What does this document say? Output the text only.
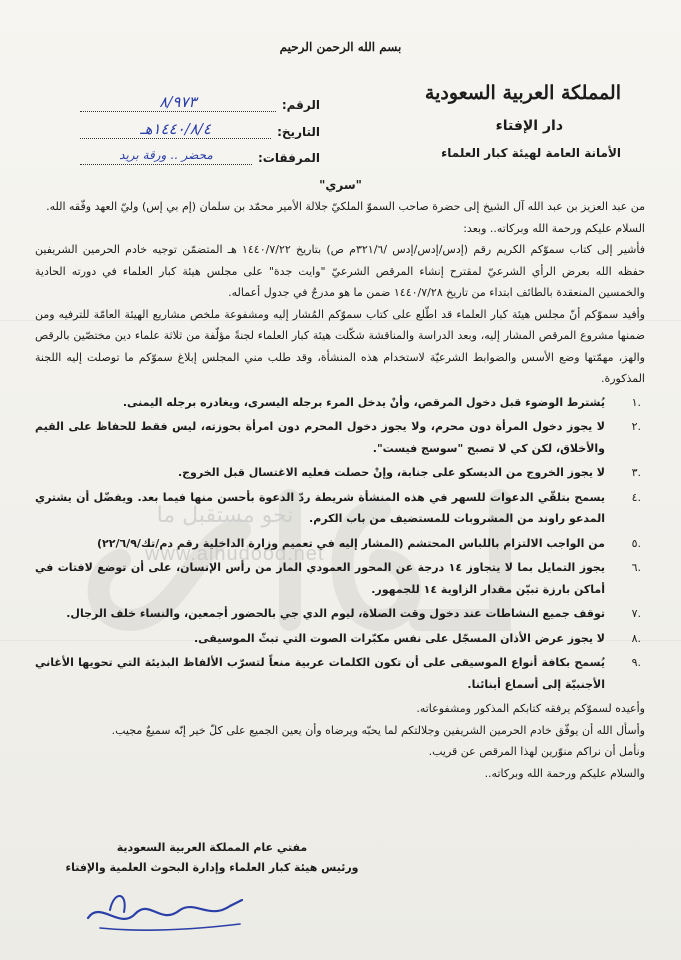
نحو مستقبل ما
www.alhudood.net
بسم الله الرحمن الرحيم
المملكة العربية السعودية
دار الإفتاء
الأمانة العامة لهيئة كبار العلماء
الرقم:
٨/٩٧٣
التاريخ:
١٤٤٠/٨/٤هـ
المرفقات:
محضر .. ورقة بريد
"سري"

من عبد العزيز بن عبد الله آل الشيخ إلى حضرة صاحب السموّ الملكيّ جلالة الأمير محمّد بن سلمان (إم بي إس) وليّ العهد وفّقه الله.

السلام عليكم ورحمة الله وبركاته.. وبعد:

فأشير إلى كتاب سموّكم الكريم رقم (إدس/إدس/إدس /٣٢١/٦م ص) بتاريخ ١٤٤٠/٧/٢٢ هـ المتضمّن توجيه خادم الحرمين الشريفين حفظه الله بعرض الرأي الشرعيّ لمقترح إنشاء المرقص الشرعيّ "وايت جدة" على مجلس هيئة كبار العلماء في دورته الحادية والخمسين المنعقدة بالطائف ابتداء من تاريخ ١٤٤٠/٧/٢٨ ضمن ما هو مدرجٌ في جدول أعماله.

وأفيد سموّكم أنّ مجلس هيئة كبار العلماء قد اطّلع على كتاب سموّكم المُشار إليه ومشفوعة ملخص مشاريع الهيئة العامّة للترفيه ومن ضمنها مشروع المرقص المشار إليه، وبعد الدراسة والمناقشة شكّلت هيئة كبار العلماء لجنةً مؤلّفة من ثلاثة علماء دين مختصّين بالرقص والهز، مهمّتها وضع الأسس والضوابط الشرعيّة لاستخدام هذه المنشأة، وقد طلب مني المجلس إبلاغ سموّكم ما توصلت إليه اللجنة المذكورة.

.١
يُشترط الوضوء قبل دخول المرقص، وأنْ يدخل المرء برجله اليسرى، ويغادره برجله اليمنى.
.٢
لا يجوز دخول المرأة دون محرم، ولا يجوز دخول المحرم دون امرأة بحوزته، ليس فقط للحفاظ على القيم والأخلاق، لكن كي لا تصبح "سوسج فيست".
.٣
لا يجوز الخروج من الديسكو على جنابة، وإنْ حصلت فعليه الاغتسال قبل الخروج.
.٤
يسمح بتلقّي الدعوات للسهر في هذه المنشأة شريطة ردّ الدعوة بأحسن منها فيما بعد. ويفضّل أن يشتري المدعو راوند من المشروبات للمستضيف من باب الكرم.
.٥
من الواجب الالتزام باللباس المحتشم (المشار إليه في تعميم وزارة الداخلية رقم دم/تك/٢٢/٦/٩)
.٦
يجوز التمايل بما لا يتجاوز ١٤ درجة عن المحور العمودي المار من رأس الإنسان، على أن توضع لافتات في أماكن بارزة تبيّن مقدار الزاوية ١٤ للجمهور.
.٧
توقف جميع النشاطات عند دخول وقت الصلاة، ليوم الدي جي بالحضور أجمعين، والنساء خلف الرجال.
.٨
لا يجوز عرض الأذان المسجّل على نفس مكبّرات الصوت التي تبثّ الموسيقى.
.٩
يُسمح بكافة أنواع الموسيقى على أن تكون الكلمات عربية منعاً لتسرّب الألفاظ البذيئة التي تحويها الأغاني الأجنبيّة إلى أسماع أبنائنا.

وأعيده لسموّكم يرفقه كتابكم المذكور ومشفوعاته.

وأسأل الله أن يوفّق خادم الحرمين الشريفين وجلالتكم لما يحبّه ويرضاه وأن يعين الجميع على كلّ خير إنّه سميعٌ مجيب.

ونأمل أن نراكم منوّرين لهذا المرقص عن قريب.

والسلام عليكم ورحمة الله وبركاته..

مفتي عام المملكة العربية السعودية
ورئيس هيئة كبار العلماء وإدارة البحوث العلمية والإفتاء
